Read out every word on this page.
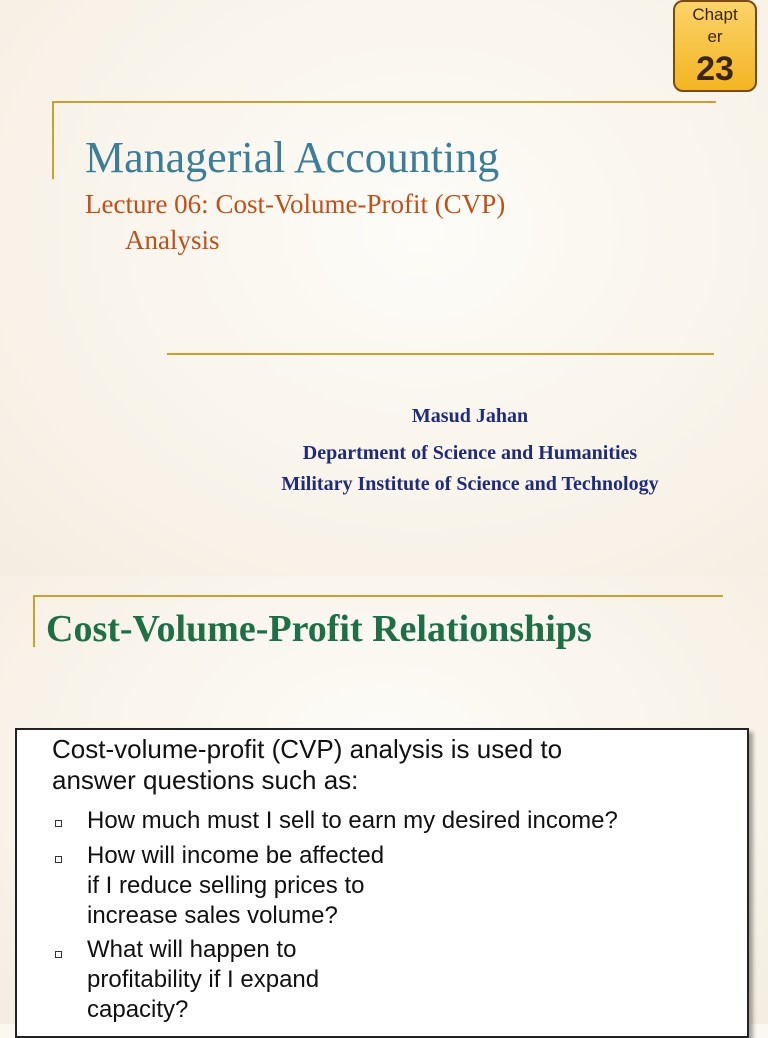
Chapter
23
Managerial Accounting
Lecture 06: Cost-Volume-Profit (CVP)
Analysis
Masud Jahan
Department of Science and Humanities
Military Institute of Science and Technology
Cost-Volume-Profit Relationships
Cost-volume-profit (CVP) analysis is used to
answer questions such as:
How much must I sell to earn my desired income?
How will income be affected
if I reduce selling prices to
increase sales volume?
What will happen to
profitability if I expand
capacity?
